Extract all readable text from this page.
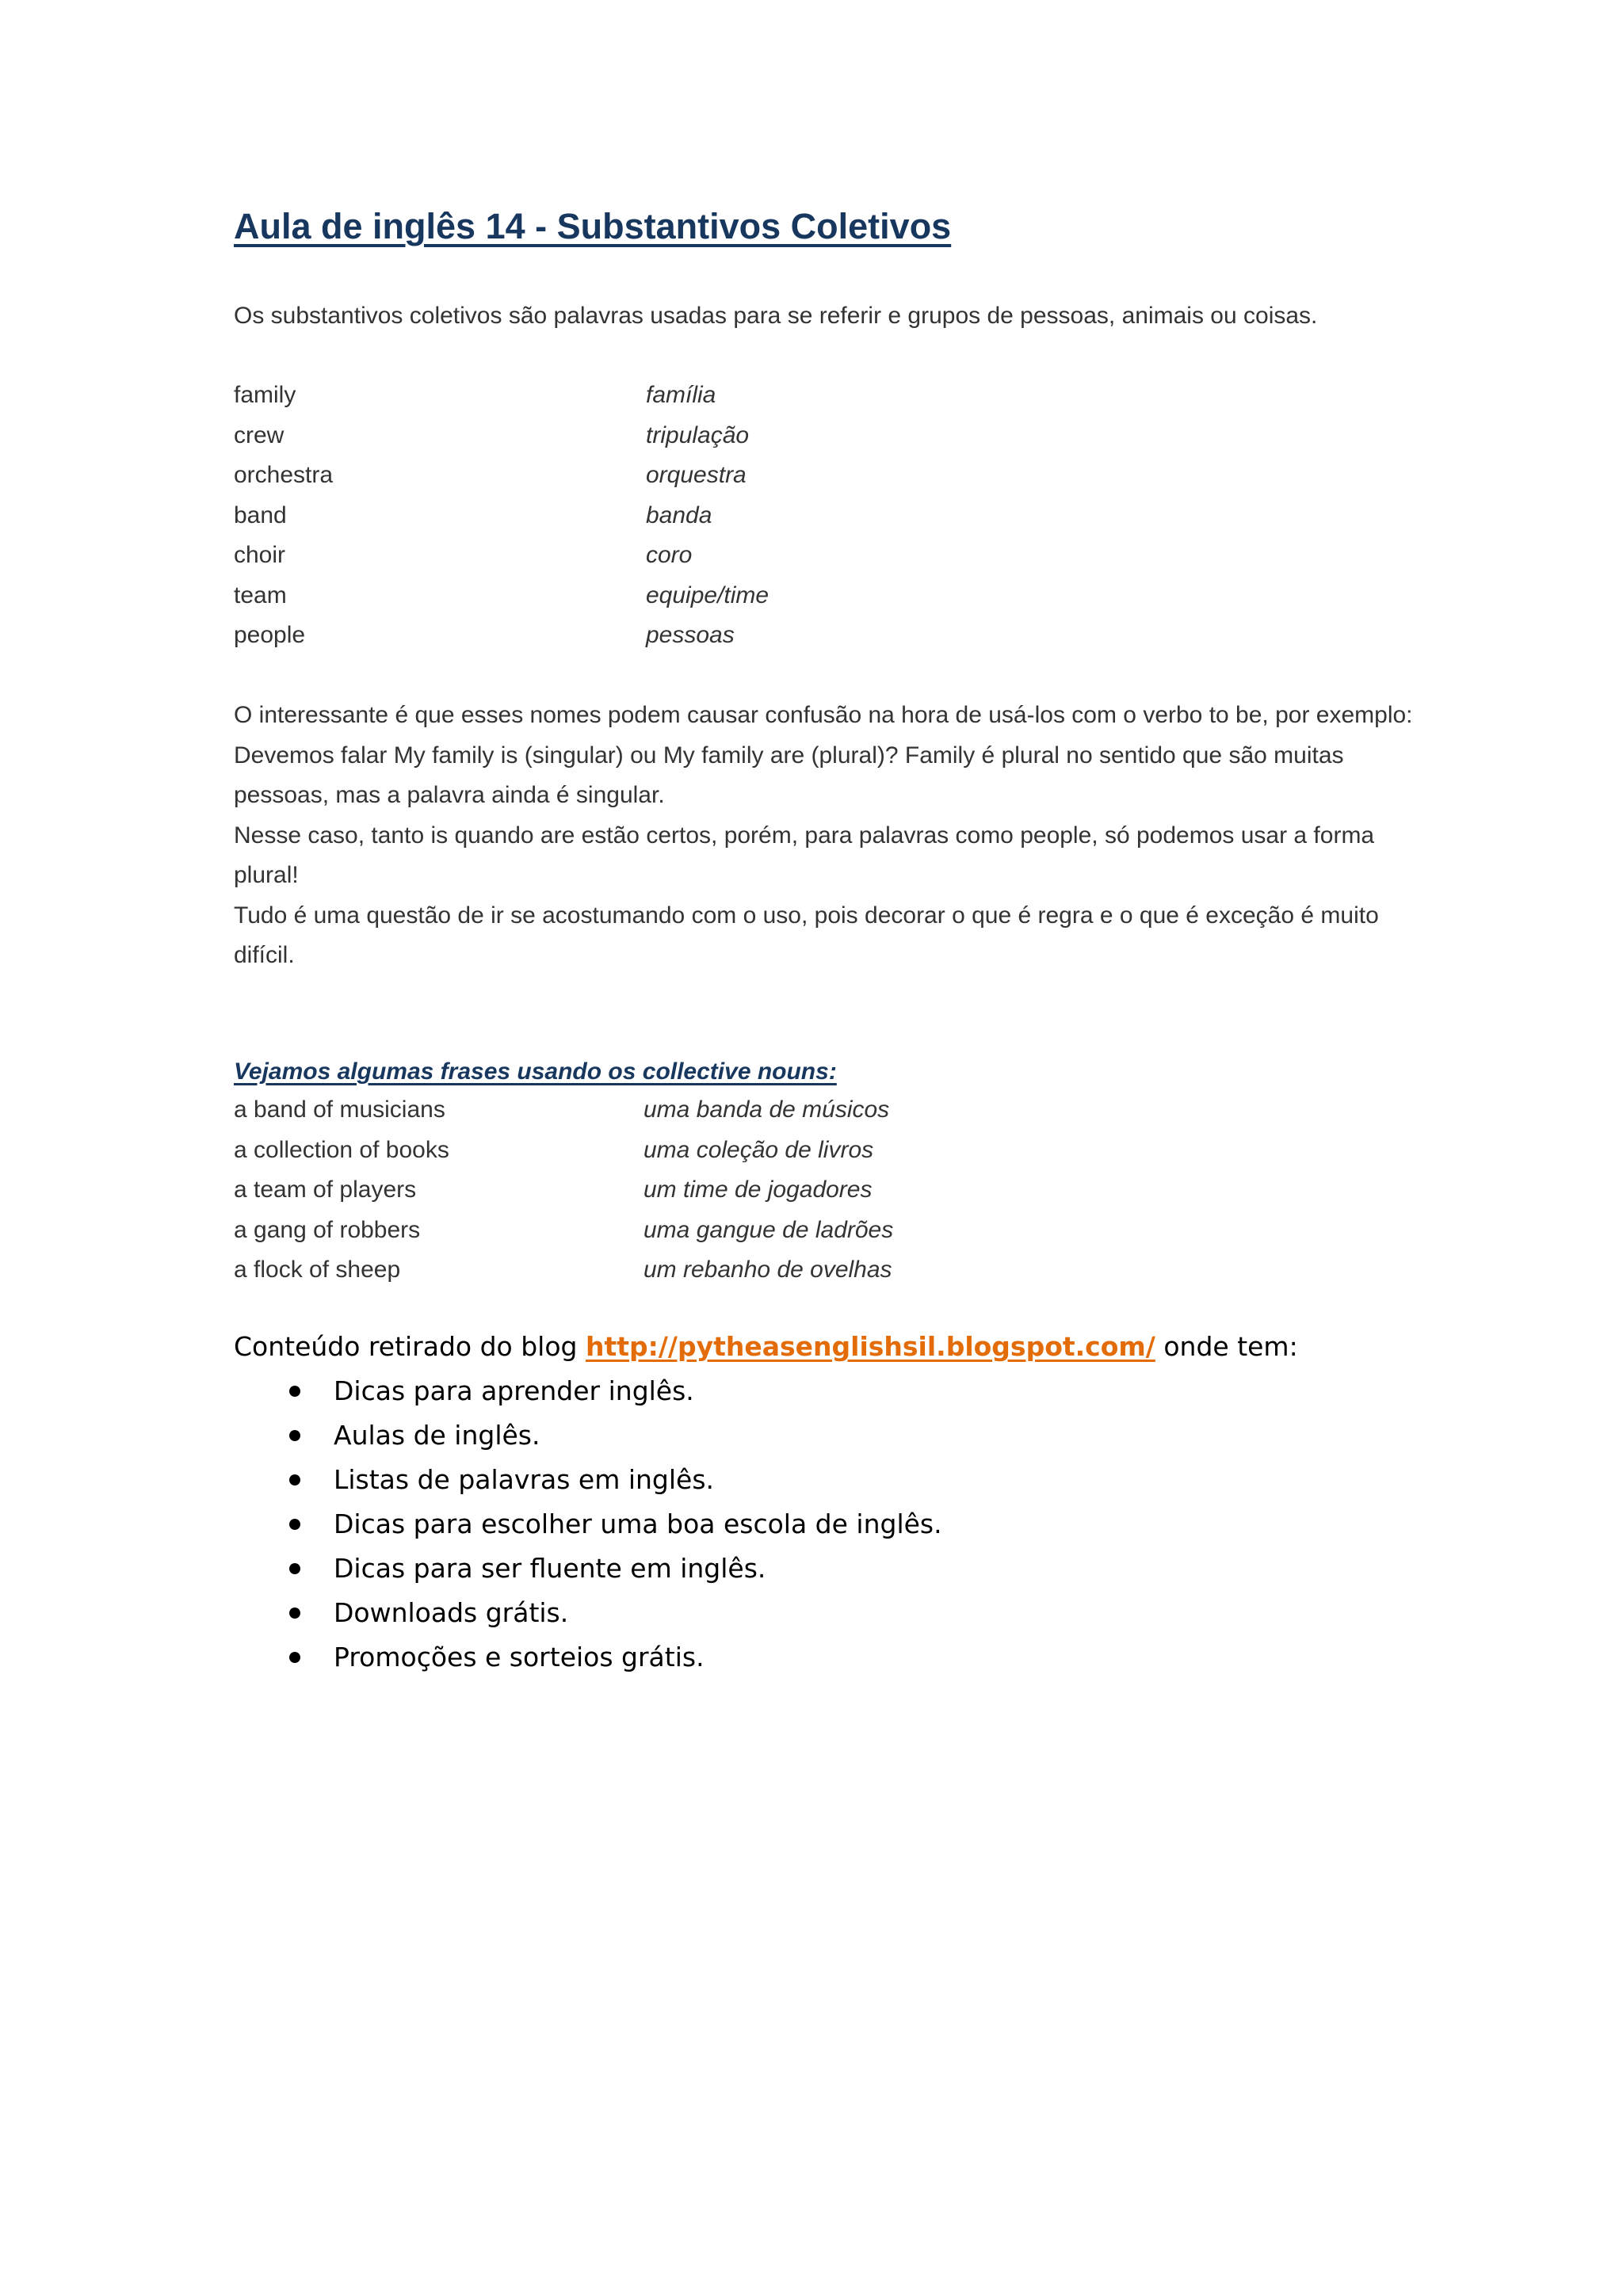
Aula de inglês 14 - Substantivos Coletivos
Os substantivos coletivos são palavras usadas para se referir e grupos de pessoas, animais ou coisas.
family	família
crew	tripulação
orchestra	orquestra
band	banda
choir	coro
team	equipe/time
people	pessoas

O interessante é que esses nomes podem causar confusão na hora de usá-los com o verbo to be, por exemplo:

Devemos falar My family is (singular) ou My family are (plural)? Family é plural no sentido que são muitas pessoas, mas a palavra ainda é singular.

Nesse caso, tanto is quando are estão certos, porém, para palavras como people, só podemos usar a forma plural!

Tudo é uma questão de ir se acostumando com o uso, pois decorar o que é regra e o que é exceção é muito difícil.

Vejamos algumas frases usando os collective nouns:
a band of musicians	uma banda de músicos
a collection of books	uma coleção de livros
a team of players	um time de jogadores
a gang of robbers	uma gangue de ladrões
a flock of sheep	um rebanho de ovelhas
Conteúdo retirado do blog http://pytheasenglishsil.blogspot.com/ onde tem:
Dicas para aprender inglês.
Aulas de inglês.
Listas de palavras em inglês.
Dicas para escolher uma boa escola de inglês.
Dicas para ser fluente em inglês.
Downloads grátis.
Promoções e sorteios grátis.
